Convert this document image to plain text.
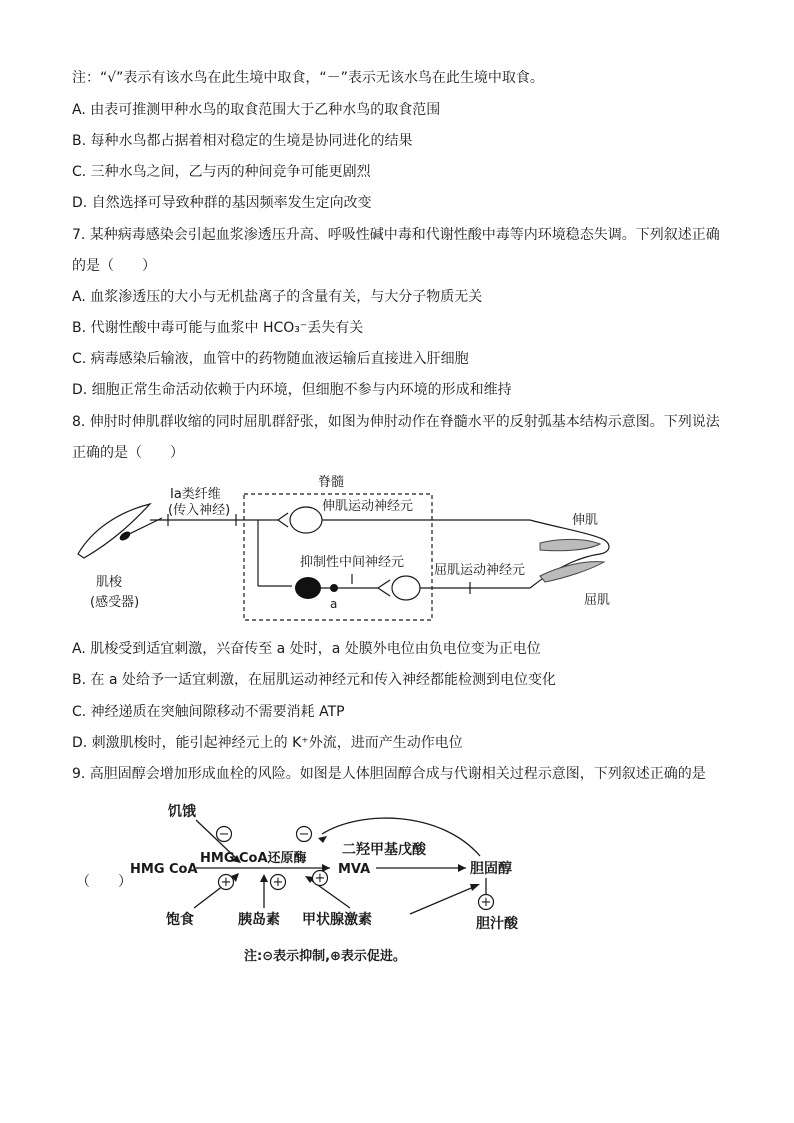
注：“√”表示有该水鸟在此生境中取食，“－”表示无该水鸟在此生境中取食。
A. 由表可推测甲种水鸟的取食范围大于乙种水鸟的取食范围
B. 每种水鸟都占据着相对稳定的生境是协同进化的结果
C. 三种水鸟之间，乙与丙的种间竞争可能更剧烈
D. 自然选择可导致种群的基因频率发生定向改变
7. 某种病毒感染会引起血浆渗透压升高、呼吸性碱中毒和代谢性酸中毒等内环境稳态失调。下列叙述正确
的是（　　）
A. 血浆渗透压的大小与无机盐离子的含量有关，与大分子物质无关
B. 代谢性酸中毒可能与血浆中 HCO₃⁻丢失有关
C. 病毒感染后输液，血管中的药物随血液运输后直接进入肝细胞
D. 细胞正常生命活动依赖于内环境，但细胞不参与内环境的形成和维持
8. 伸肘时伸肌群收缩的同时屈肌群舒张，如图为伸肘动作在脊髓水平的反射弧基本结构示意图。下列说法
正确的是（　　）
脊髓
Ia类纤维
(传入神经)	伸肌运动神经元
抑制性中间神经元
屈肌运动神经元
a
肌梭
(感受器)
伸肌
屈肌
A. 肌梭受到适宜刺激，兴奋传至 a 处时，a 处膜外电位由负电位变为正电位
B. 在 a 处给予一适宜刺激，在屈肌运动神经元和传入神经都能检测到电位变化
C. 神经递质在突触间隙移动不需要消耗 ATP
D. 刺激肌梭时，能引起神经元上的 K⁺外流，进而产生动作电位
9. 高胆固醇会增加形成血栓的风险。如图是人体胆固醇合成与代谢相关过程示意图，下列叙述正确的是
（　　）
−	−
+	+ +
+
饥饿
HMG CoA
HMG CoA还原酶
二羟甲基戊酸
MVA	胆固醇
饱食	胰岛素 甲状腺激素	胆汁酸
注:⊝表示抑制,⊕表示促进。
